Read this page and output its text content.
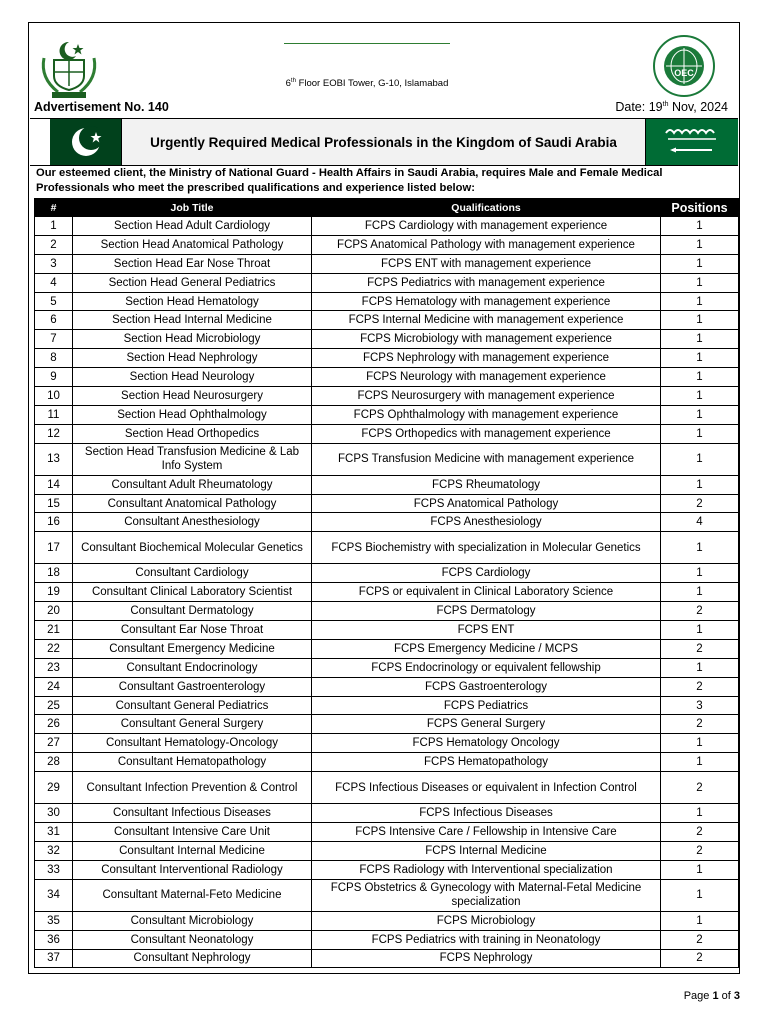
OEC
6th Floor EOBI Tower, G-10, Islamabad
Advertisement No. 140	Date: 19th Nov, 2024
Urgently Required Medical Professionals in the Kingdom of Saudi Arabia
Our esteemed client, the Ministry of National Guard - Health Affairs in Saudi Arabia, requires Male and Female Medical Professionals who meet the prescribed qualifications and experience listed below:
#	Job Title	Qualifications	Positions
1	Section Head Adult Cardiology	FCPS Cardiology with management experience	1
2	Section Head Anatomical Pathology	FCPS Anatomical Pathology with management experience	1
3	Section Head Ear Nose Throat	FCPS ENT with management experience	1
4	Section Head General Pediatrics	FCPS Pediatrics with management experience	1
5	Section Head Hematology	FCPS Hematology with management experience	1
6	Section Head Internal Medicine	FCPS Internal Medicine with management experience	1
7	Section Head Microbiology	FCPS Microbiology with management experience	1
8	Section Head Nephrology	FCPS Nephrology with management experience	1
9	Section Head Neurology	FCPS Neurology with management experience	1
10	Section Head Neurosurgery	FCPS Neurosurgery with management experience	1
11	Section Head Ophthalmology	FCPS Ophthalmology with management experience	1
12	Section Head Orthopedics	FCPS Orthopedics with management experience	1
13	Section Head Transfusion Medicine & Lab Info System	FCPS Transfusion Medicine with management experience	1
14	Consultant Adult Rheumatology	FCPS Rheumatology	1
15	Consultant Anatomical Pathology	FCPS Anatomical Pathology	2
16	Consultant Anesthesiology	FCPS Anesthesiology	4
17	Consultant Biochemical Molecular Genetics	FCPS Biochemistry with specialization in Molecular Genetics	1
18	Consultant Cardiology	FCPS Cardiology	1
19	Consultant Clinical Laboratory Scientist	FCPS or equivalent in Clinical Laboratory Science	1
20	Consultant Dermatology	FCPS Dermatology	2
21	Consultant Ear Nose Throat	FCPS ENT	1
22	Consultant Emergency Medicine	FCPS Emergency Medicine / MCPS	2
23	Consultant Endocrinology	FCPS Endocrinology or equivalent fellowship	1
24	Consultant Gastroenterology	FCPS Gastroenterology	2
25	Consultant General Pediatrics	FCPS Pediatrics	3
26	Consultant General Surgery	FCPS General Surgery	2
27	Consultant Hematology-Oncology	FCPS Hematology Oncology	1
28	Consultant Hematopathology	FCPS Hematopathology	1
29	Consultant Infection Prevention & Control	FCPS Infectious Diseases or equivalent in Infection Control	2
30	Consultant Infectious Diseases	FCPS Infectious Diseases	1
31	Consultant Intensive Care Unit	FCPS Intensive Care / Fellowship in Intensive Care	2
32	Consultant Internal Medicine	FCPS Internal Medicine	2
33	Consultant Interventional Radiology	FCPS Radiology with Interventional specialization	1
34	Consultant Maternal-Feto Medicine	FCPS Obstetrics & Gynecology with Maternal-Fetal Medicine specialization	1
35	Consultant Microbiology	FCPS Microbiology	1
36	Consultant Neonatology	FCPS Pediatrics with training in Neonatology	2
37	Consultant Nephrology	FCPS Nephrology	2
Page 1 of 3
